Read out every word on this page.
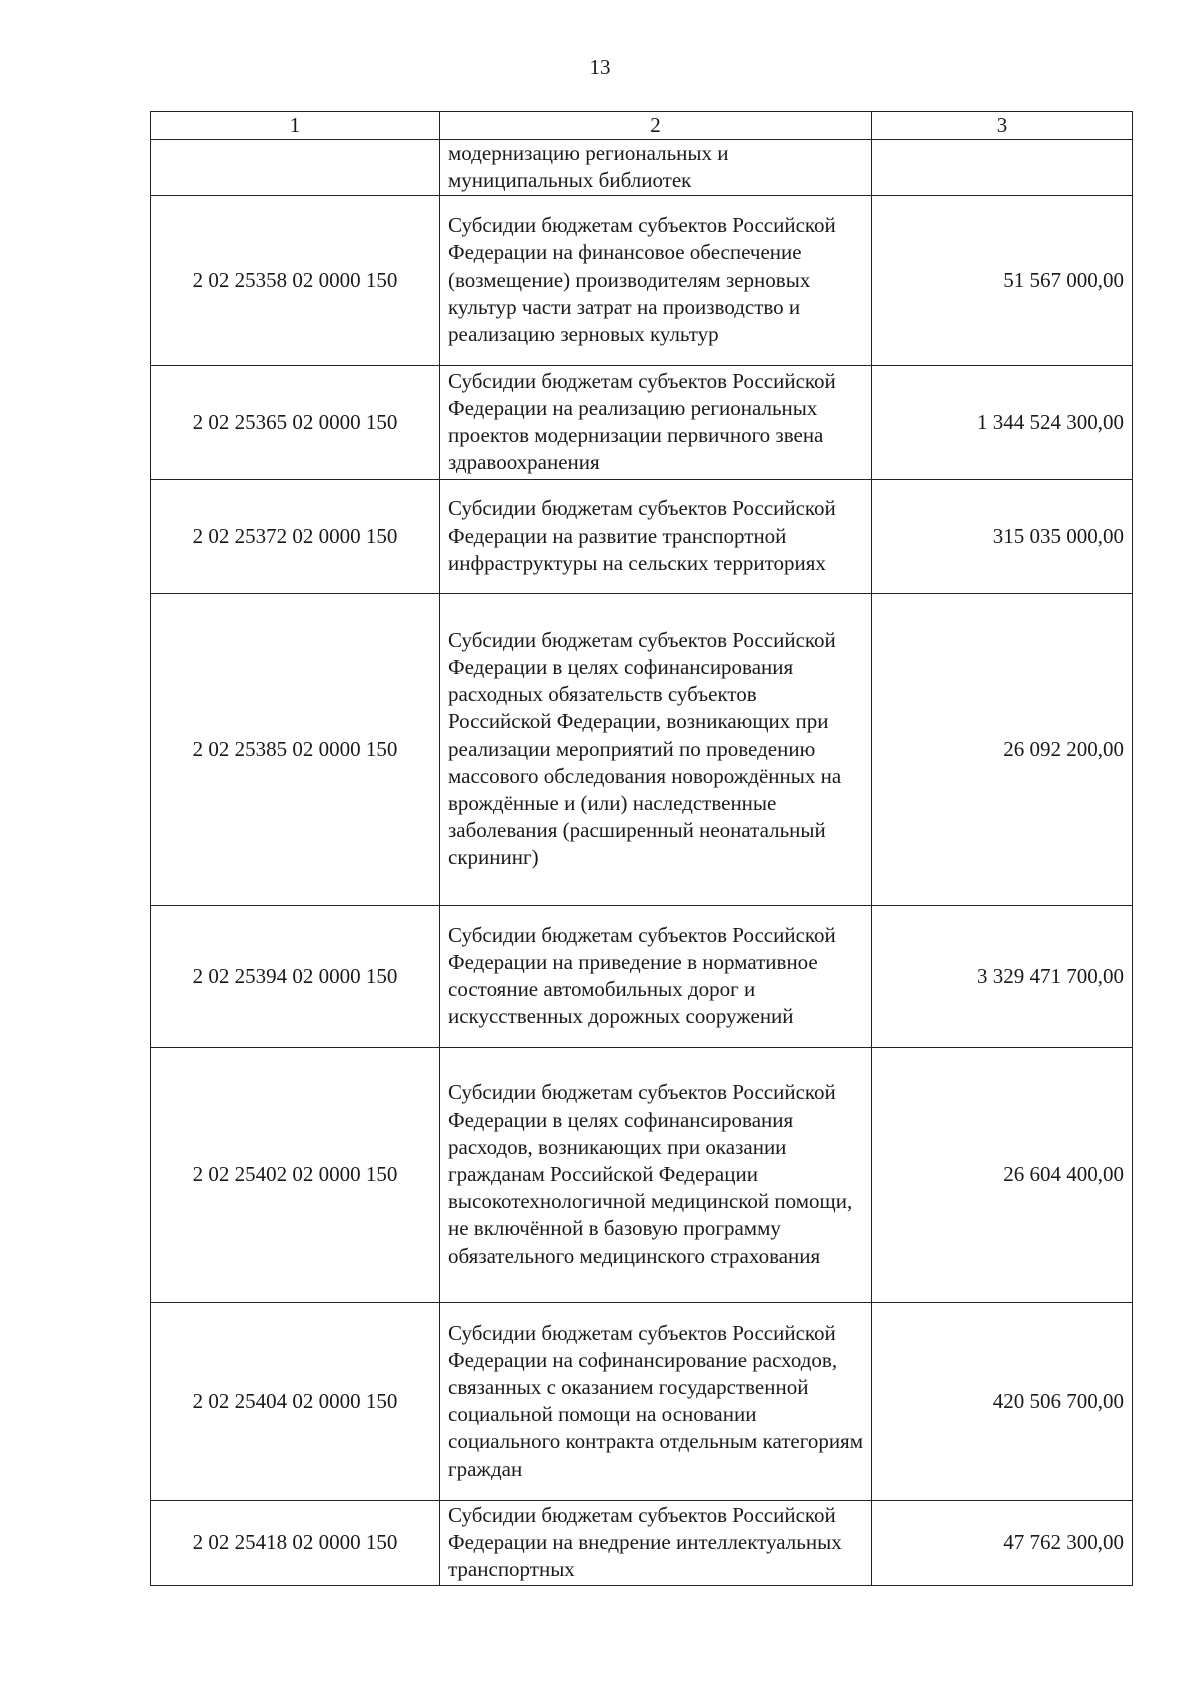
13
1	2	3
	модернизацию региональных и муниципальных библиотек	
2 02 25358 02 0000 150	Субсидии бюджетам субъектов Российской Федерации на финансовое обеспечение (возмещение) производителям зерновых культур части затрат на производство и реализацию зерновых культур	51 567 000,00
2 02 25365 02 0000 150	Субсидии бюджетам субъектов Российской Федерации на реализацию региональных проектов модернизации первичного звена здравоохранения	1 344 524 300,00
2 02 25372 02 0000 150	Субсидии бюджетам субъектов Российской Федерации на развитие транспортной инфраструктуры на сельских территориях	315 035 000,00
2 02 25385 02 0000 150	Субсидии бюджетам субъектов Российской Федерации в целях софинансирования расходных обязательств субъектов Российской Федерации, возникающих при реализации мероприятий по проведению массового обследования новорождённых на врождённые и (или) наследственные заболевания (расширенный неонатальный скрининг)	26 092 200,00
2 02 25394 02 0000 150	Субсидии бюджетам субъектов Российской Федерации на приведение в нормативное состояние автомобильных дорог и искусственных дорожных сооружений	3 329 471 700,00
2 02 25402 02 0000 150	Субсидии бюджетам субъектов Российской Федерации в целях софинансирования расходов, возникающих при оказании гражданам Российской Федерации высокотехнологичной медицинской помощи, не включённой в базовую программу обязательного медицинского страхования	26 604 400,00
2 02 25404 02 0000 150	Субсидии бюджетам субъектов Российской Федерации на софинансирование расходов, связанных с оказанием государственной социальной помощи на основании социального контракта отдельным категориям граждан	420 506 700,00
2 02 25418 02 0000 150	Субсидии бюджетам субъектов Российской Федерации на внедрение интеллектуальных транспортных	47 762 300,00
